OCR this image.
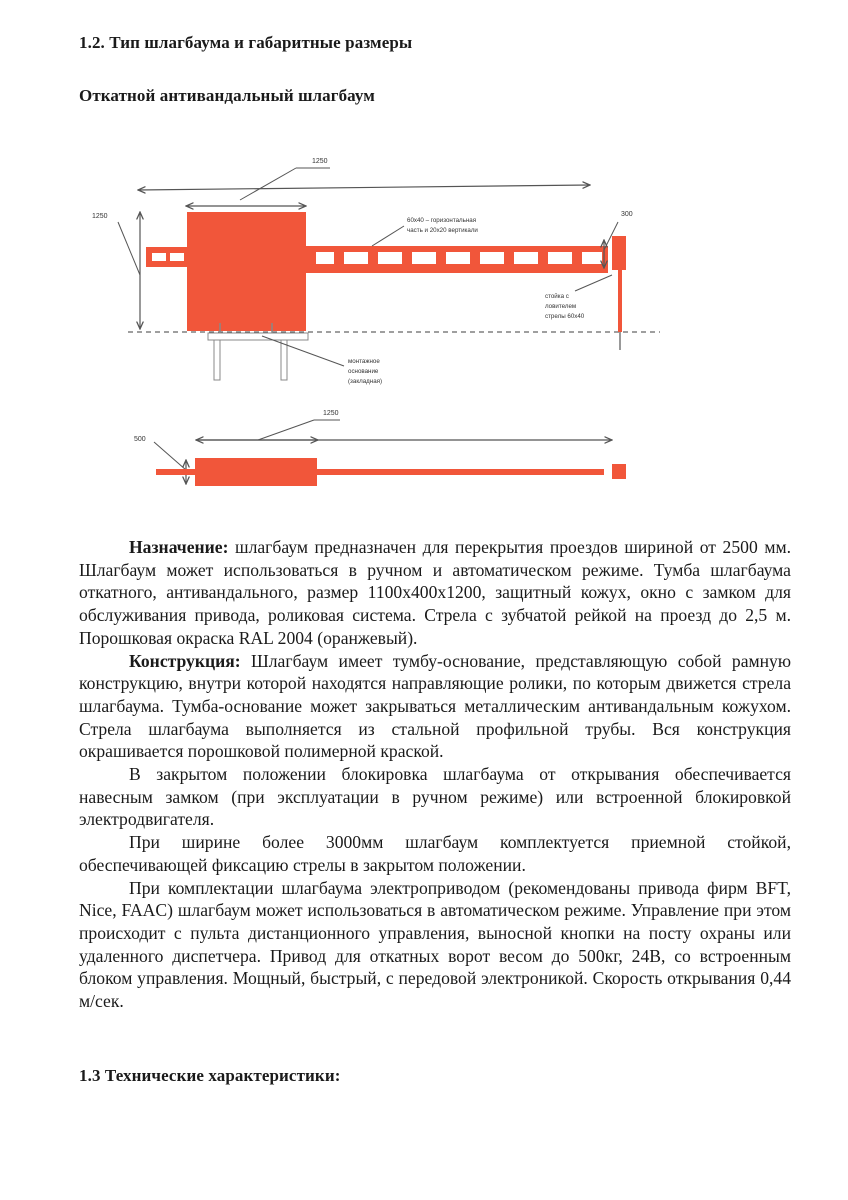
1.2. Тип шлагбаума и габаритные размеры
Откатной антивандальный шлагбаум
1250
1250	300
60х40 – горизонтальная
часть и 20х20 вертикали
стойка с
ловителем
стрелы 60х40
монтажное
основание
(закладная)
1250
500

Назначение: шлагбаум предназначен для перекрытия проездов шириной от 2500 мм. Шлагбаум может использоваться в ручном и автоматическом режиме. Тумба шлагбаума откатного, антивандального, размер 1100х400х1200, защитный кожух, окно с замком для обслуживания привода, роликовая система. Стрела с зубчатой рейкой на проезд до 2,5 м. Порошковая окраска RAL 2004 (оранжевый).

Конструкция: Шлагбаум имеет тумбу-основание, представляющую собой рамную конструкцию, внутри которой находятся направляющие ролики, по которым движется стрела шлагбаума. Тумба-основание может закрываться металлическим антивандальным кожухом. Стрела шлагбаума выполняется из стальной профильной трубы. Вся конструкция окрашивается порошковой полимерной краской.

В закрытом положении блокировка шлагбаума от открывания обеспечивается навесным замком (при эксплуатации в ручном режиме) или встроенной блокировкой электродвигателя.

При ширине более 3000мм шлагбаум комплектуется приемной стойкой, обеспечивающей фиксацию стрелы в закрытом положении.

При комплектации шлагбаума электроприводом (рекомендованы привода фирм BFT, Nice, FAAC) шлагбаум может использоваться в автоматическом режиме. Управление при этом происходит с пульта дистанционного управления, выносной кнопки на посту охраны или удаленного диспетчера. Привод для откатных ворот весом до 500кг, 24В, со встроенным блоком управления. Мощный, быстрый, с передовой электроникой. Скорость открывания 0,44 м/сек.

1.3 Технические характеристики:
